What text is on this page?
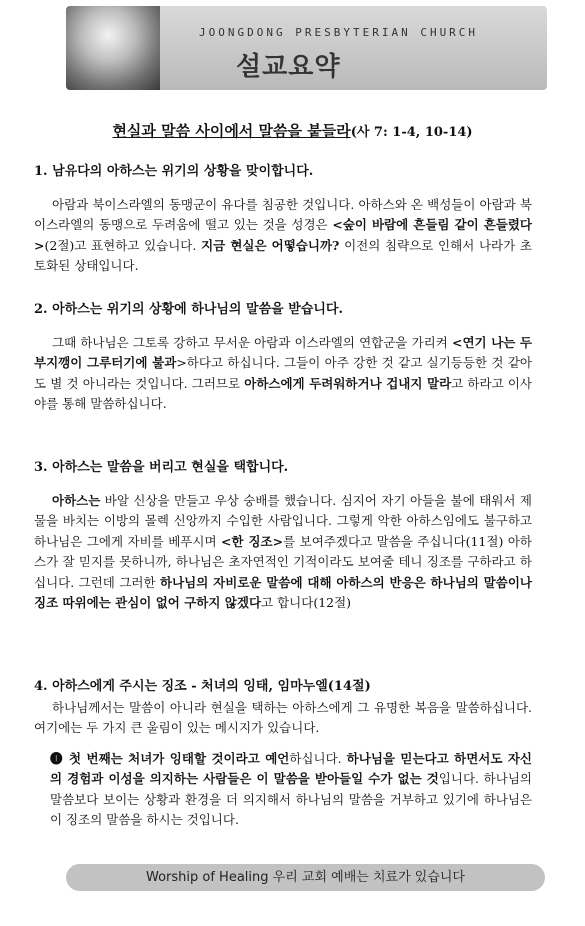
JOONGDONG PRESBYTERIAN CHURCH
설교요약
현실과 말씀 사이에서 말씀을 붙들라(사 7: 1-4, 10-14)
1. 남유다의 아하스는 위기의 상황을 맞이합니다.
아람과 북이스라엘의 동맹군이 유다를 침공한 것입니다. 아하스와 온 백성들이 아람과 북이스라엘의 동맹으로 두려움에 떨고 있는 것을 성경은 <숲이 바람에 흔들림 같이 흔들렸다>(2절)고 표현하고 있습니다. 지금 현실은 어떻습니까? 이전의 침략으로 인해서 나라가 초토화된 상태입니다.
2. 아하스는 위기의 상황에 하나님의 말씀을 받습니다.
그때 하나님은 그토록 강하고 무서운 아람과 이스라엘의 연합군을 가리켜 <연기 나는 두 부지깽이 그루터기에 불과>하다고 하십니다. 그들이 아주 강한 것 같고 실기등등한 것 같아도 별 것 아니라는 것입니다. 그러므로 아하스에게 두려워하거나 겁내지 말라고 하라고 이사야를 통해 말씀하십니다.
3. 아하스는 말씀을 버리고 현실을 택합니다.
아하스는 바알 신상을 만들고 우상 숭배를 했습니다. 심지어 자기 아들을 불에 태워서 제물을 바치는 이방의 몰렉 신앙까지 수입한 사람입니다. 그렇게 악한 아하스임에도 불구하고 하나님은 그에게 자비를 베푸시며 <한 징조>를 보여주겠다고 말씀을 주십니다(11절) 아하스가 잘 믿지를 못하니까, 하나님은 초자연적인 기적이라도 보여줄 테니 징조를 구하라고 하십니다. 그런데 그러한 하나님의 자비로운 말씀에 대해 아하스의 반응은 하나님의 말씀이나 징조 따위에는 관심이 없어 구하지 않겠다고 합니다(12절)
4. 아하스에게 주시는 징조 - 처녀의 잉태, 임마누엘(14절)
하나님께서는 말씀이 아니라 현실을 택하는 아하스에게 그 유명한 복음을 말씀하십니다. 여기에는 두 가지 큰 울림이 있는 메시지가 있습니다.
❶ 첫 번째는 처녀가 잉태할 것이라고 예언하십니다. 하나님을 믿는다고 하면서도 자신의 경험과 이성을 의지하는 사람들은 이 말씀을 받아들일 수가 없는 것입니다. 하나님의 말씀보다 보이는 상황과 환경을 더 의지해서 하나님의 말씀을 거부하고 있기에 하나님은 이 징조의 말씀을 하시는 것입니다.
Worship of Healing 우리 교회 예배는 치료가 있습니다
